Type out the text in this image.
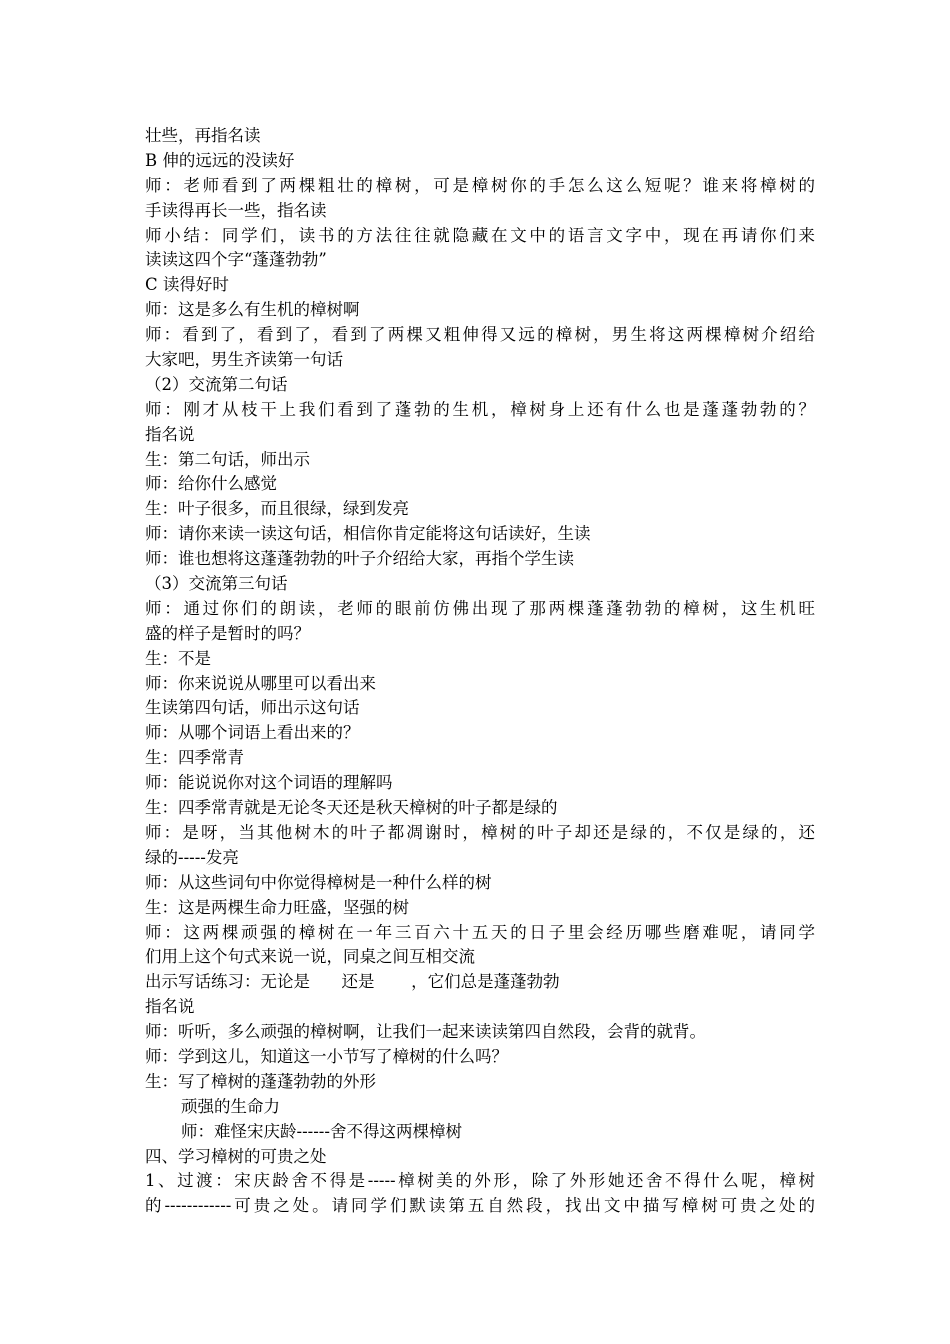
壮些，再指名读
B 伸的远远的没读好
师：老师看到了两棵粗壮的樟树，可是樟树你的手怎么这么短呢？谁来将樟树的
手读得再长一些，指名读
师小结：同学们，读书的方法往往就隐藏在文中的语言文字中，现在再请你们来
读读这四个字“蓬蓬勃勃”
C 读得好时
师：这是多么有生机的樟树啊
师：看到了，看到了，看到了两棵又粗伸得又远的樟树，男生将这两棵樟树介绍给
大家吧，男生齐读第一句话
（2）交流第二句话
师：刚才从枝干上我们看到了蓬勃的生机，樟树身上还有什么也是蓬蓬勃勃的？
指名说
生：第二句话，师出示
师：给你什么感觉
生：叶子很多，而且很绿，绿到发亮
师：请你来读一读这句话，相信你肯定能将这句话读好，生读
师：谁也想将这蓬蓬勃勃的叶子介绍给大家，再指个学生读
（3）交流第三句话
师：通过你们的朗读，老师的眼前仿佛出现了那两棵蓬蓬勃勃的樟树，这生机旺
盛的样子是暂时的吗？
生：不是
师：你来说说从哪里可以看出来
生读第四句话，师出示这句话
师：从哪个词语上看出来的？
生：四季常青
师：能说说你对这个词语的理解吗
生：四季常青就是无论冬天还是秋天樟树的叶子都是绿的
师：是呀，当其他树木的叶子都凋谢时，樟树的叶子却还是绿的，不仅是绿的，还
绿的-----发亮
师：从这些词句中你觉得樟树是一种什么样的树
生：这是两棵生命力旺盛，坚强的树
师：这两棵顽强的樟树在一年三百六十五天的日子里会经历哪些磨难呢，请同学
们用上这个句式来说一说，同桌之间互相交流
出示写话练习：无论是      还是       ，它们总是蓬蓬勃勃
指名说
师：听听，多么顽强的樟树啊，让我们一起来读读第四自然段，会背的就背。
师：学到这儿，知道这一小节写了樟树的什么吗？
生：写了樟树的蓬蓬勃勃的外形
顽强的生命力
师：难怪宋庆龄------舍不得这两棵樟树
四、学习樟树的可贵之处
1、过渡：宋庆龄舍不得是-----樟树美的外形，除了外形她还舍不得什么呢，樟树
的------------可贵之处。请同学们默读第五自然段，找出文中描写樟树可贵之处的
